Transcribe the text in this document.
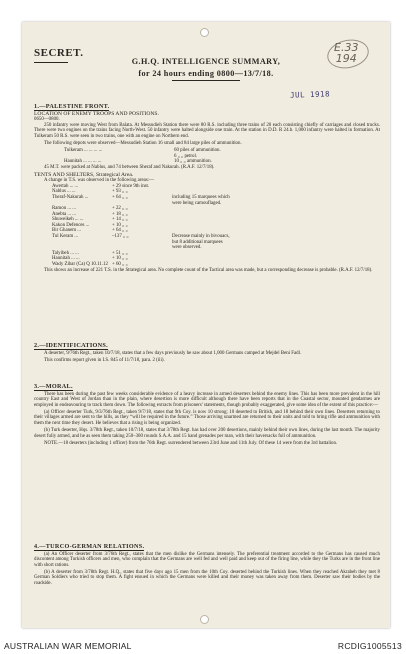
SECRET.	E.33
194
G.H.Q. INTELLIGENCE SUMMARY,
for 24 hours ending 0800—13/7/18.
JUL 1918
1.—PALESTINE FRONT.
LOCATION OF ENEMY TROOPS AND POSITIONS.
0650—0800.

250 infantry were moving West from Balata. At Messudieh Station there were 80 R.S. including three trains of 20 each consisting chiefly of carriages and closed trucks. There were two engines on the trains facing North-West. 50 infantry were halted alongside one train. At the station in D.D. R 24.b. 1,000 infantry were halted in formation. At Tulkeram 50 R.S. were seen in two trains, one with an engine on Northern end.

The following depots were observed—Messudieh Station 16 small and 84 large piles of ammunition.

Tulkeram ... ... ... ...	60 piles of ammunition.
6 „ „ petrol.
Haunitah ... ... ... ...	10 „ „ ammunition.

45 M.T. were packed at Nablus, and 74 between Sheraf and Nakurah. (R.A.F. 12/7/18).

TENTS AND SHELTERS, Strategical Area.
A change in T.S. was observed in the following areas:—
Awertah ... ...	+ 29 since 9th inst.
Nablus ... ...	+ 93 „ „
Theraf-Nakurah ...	+ 64 „ „	including 15 marquees which
were being camouflaged.
Ramon ... ...	+ 22 „ „
Anebta ... ...	+ 18 „ „
Shuweikeh ... ...	+ 14 „ „
Kakon Defences ...	+ 10 „ „
Bir Ghanem ...	+ 64 „ „
Tul Keram ...	–137 „ „	Decrease mainly in bivouacs,
but 8 additional marquees
were observed.
Talyibeh ... ...	+ 51 „ „
Haunitah ... ...	+ 10 „ „
Wady Zibar (Ca) Q 10.11.12 + 60 „ „

This shows an increase of 221 T.S. in the Strategical area. No complete count of the Tactical area was made, but a corresponding decrease is probable. (R.A.F. 12/7/18).

2.—IDENTIFICATIONS.

A deserter, 9/76th Regt., taken 10/7/18, states that a few days previously he saw about 1,000 Germans camped at Mejdel Beni Fadl.

This confirms report given in I.S. 845 of 11/7/18, para. 2 (iii).

3.—MORAL.

There has been during the past few weeks considerable evidence of a heavy increase in armed deserters behind the enemy lines. This has been more prevalent in the hill country East and West of Jordan than in the plain, where desertion is more difficult although there have been reports that in the Coastal sector, mounted gendarmes are employed in endeavouring to track them down. The following extracts from prisoners' statements, though probably exaggerated, give some idea of the extent of this practice:—

(a) Officer deserter Turk, 9/3/76th Regt., taken 9/7/18, states that 9th Coy. is now 10 strong; 10 deserted to British, and 18 behind their own lines. Deserters returning to their villages armed are sent to the hills, as they “will be required in the future.” Those arriving unarmed are returned to their units and told to bring rifle and ammunition with them the next time they desert. He believes that a rising is being organized.

(b) Turk deserter, Hqs. 3/78th Regt., taken 10/7/18, states that 3/78th Regt. has had over 200 desertions, mainly behind their own lines, during the last month. The majority desert fully armed, and he as seen them taking 250–300 rounds S.A.A. and 15 hand grenades per man, with their haversacks full of ammunition.

NOTE.—18 deserters (including 1 officer) from the 76th Regt. surrendered between 23rd June and 11th July. Of these 14 were from the 3rd battalion.

4.—TURCO-GERMAN RELATIONS.

(a) An Officer deserter from 3/76th Regt., states that the men dislike the Germans intensely. The preferential treatment accorded to the Germans has caused much discontent among Turkish officers and men, who complain that the Germans are well fed and well paid and keep out of the firing line, while they the Turks are in the front line with short rations.

(b) A deserter from 3/78th Regt. H.Q., states that five days ago 15 men from the 10th Coy. deserted behind the Turkish lines. When they reached Akrabeh they met 8 German Soldiers who tried to stop them. A fight ensued in which the Germans were killed and their money was taken away from them. Deserter saw their bodies by the roadside.

AUSTRALIAN WAR MEMORIAL	RCDIG1005513
